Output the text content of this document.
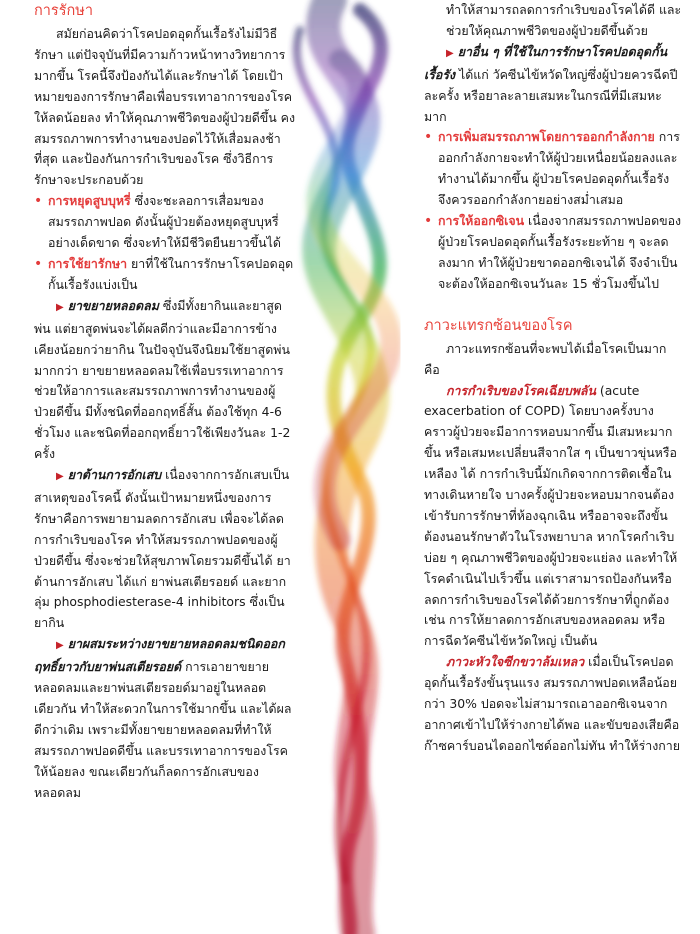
การรักษา

สมัยก่อนคิดว่าโรคปอดอุดกั้นเรื้อรังไม่มีวิธีรักษา แต่ปัจจุบันที่มีความก้าวหน้าทางวิทยาการมากขึ้น โรคนี้จึงป้องกันได้และรักษาได้ โดยเป้าหมายของการรักษาคือเพื่อบรรเทาอาการของโรคให้ลดน้อยลง ทำให้คุณภาพชีวิตของผู้ป่วยดีขึ้น คงสมรรถภาพการทำงานของปอดไว้ให้เสื่อมลงช้าที่สุด และป้องกันการกำเริบของโรค ซึ่งวิธีการรักษาจะประกอบด้วย

• การหยุดสูบบุหรี่ ซึ่งจะชะลอการเสื่อมของสมรรถภาพปอด ดังนั้นผู้ป่วยต้องหยุดสูบบุหรี่อย่างเด็ดขาด ซึ่งจะทำให้มีชีวิตยืนยาวขึ้นได้

• การใช้ยารักษา ยาที่ใช้ในการรักษาโรคปอดอุดกั้นเรื้อรังแบ่งเป็น

▶ ยาขยายหลอดลม ซึ่งมีทั้งยากินและยาสูดพ่น แต่ยาสูดพ่นจะได้ผลดีกว่าและมีอาการข้างเคียงน้อยกว่ายากิน ในปัจจุบันจึงนิยมใช้ยาสูดพ่นมากกว่า ยาขยายหลอดลมใช้เพื่อบรรเทาอาการช่วยให้อาการและสมรรถภาพการทำงานของผู้ป่วยดีขึ้น มีทั้งชนิดที่ออกฤทธิ์สั้น ต้องใช้ทุก 4-6 ชั่วโมง และชนิดที่ออกฤทธิ์ยาวใช้เพียงวันละ 1-2 ครั้ง

▶ ยาต้านการอักเสบ เนื่องจากการอักเสบเป็นสาเหตุของโรคนี้ ดังนั้นเป้าหมายหนึ่งของการรักษาคือการพยายามลดการอักเสบ เพื่อจะได้ลดการกำเริบของโรค ทำให้สมรรถภาพปอดของผู้ป่วยดีขึ้น ซึ่งจะช่วยให้สุขภาพโดยรวมดีขึ้นได้ ยาต้านการอักเสบ ได้แก่ ยาพ่นสเตียรอยด์ และยากลุ่ม phosphodiesterase-4 inhibitors ซึ่งเป็นยากิน

▶ ยาผสมระหว่างยาขยายหลอดลมชนิดออกฤทธิ์ยาวกับยาพ่นสเตียรอยด์ การเอายาขยายหลอดลมและยาพ่นสเตียรอยด์มาอยู่ในหลอดเดียวกัน ทำให้สะดวกในการใช้มากขึ้น และได้ผลดีกว่าเดิม เพราะมีทั้งยาขยายหลอดลมที่ทำให้สมรรถภาพปอดดีขึ้น และบรรเทาอาการของโรคให้น้อยลง ขณะเดียวกันก็ลดการอักเสบของหลอดลม

ทำให้สามารถลดการกำเริบของโรคได้ดี และช่วยให้คุณภาพชีวิตของผู้ป่วยดีขึ้นด้วย

▶ ยาอื่น ๆ ที่ใช้ในการรักษาโรคปอดอุดกั้นเรื้อรัง ได้แก่ วัคซีนไข้หวัดใหญ่ซึ่งผู้ป่วยควรฉีดปีละครั้ง หรือยาละลายเสมหะในกรณีที่มีเสมหะมาก

• การเพิ่มสมรรถภาพโดยการออกกำลังกาย การออกกำลังกายจะทำให้ผู้ป่วยเหนื่อยน้อยลงและทำงานได้มากขึ้น ผู้ป่วยโรคปอดอุดกั้นเรื้อรังจึงควรออกกำลังกายอย่างสม่ำเสมอ

• การให้ออกซิเจน เนื่องจากสมรรถภาพปอดของผู้ป่วยโรคปอดอุดกั้นเรื้อรังระยะท้าย ๆ จะลดลงมาก ทำให้ผู้ป่วยขาดออกซิเจนได้ จึงจำเป็นจะต้องให้ออกซิเจนวันละ 15 ชั่วโมงขึ้นไป

ภาวะแทรกซ้อนของโรค

ภาวะแทรกซ้อนที่จะพบได้เมื่อโรคเป็นมากคือ

การกำเริบของโรคเฉียบพลัน (acute exacerbation of COPD) โดยบางครั้งบางคราวผู้ป่วยจะมีอาการหอบมากขึ้น มีเสมหะมากขึ้น หรือเสมหะเปลี่ยนสีจากใส ๆ เป็นขาวขุ่นหรือเหลือง ได้ การกำเริบนี้มักเกิดจากการติดเชื้อในทางเดินหายใจ บางครั้งผู้ป่วยจะหอบมากจนต้องเข้ารับการรักษาที่ห้องฉุกเฉิน หรืออาจจะถึงขั้นต้องนอนรักษาตัวในโรงพยาบาล หากโรคกำเริบบ่อย ๆ คุณภาพชีวิตของผู้ป่วยจะแย่ลง และทำให้โรคดำเนินไปเร็วขึ้น แต่เราสามารถป้องกันหรือลดการกำเริบของโรคได้ด้วยการรักษาที่ถูกต้อง เช่น การให้ยาลดการอักเสบของหลอดลม หรือการฉีดวัคซีนไข้หวัดใหญ่ เป็นต้น

ภาวะหัวใจซีกขวาล้มเหลว เมื่อเป็นโรคปอดอุดกั้นเรื้อรังขั้นรุนแรง สมรรถภาพปอดเหลือน้อยกว่า 30% ปอดจะไม่สามารถเอาออกซิเจนจากอากาศเข้าไปให้ร่างกายได้พอ และขับของเสียคือก๊าซคาร์บอนไดออกไซด์ออกไม่ทัน ทำให้ร่างกาย
